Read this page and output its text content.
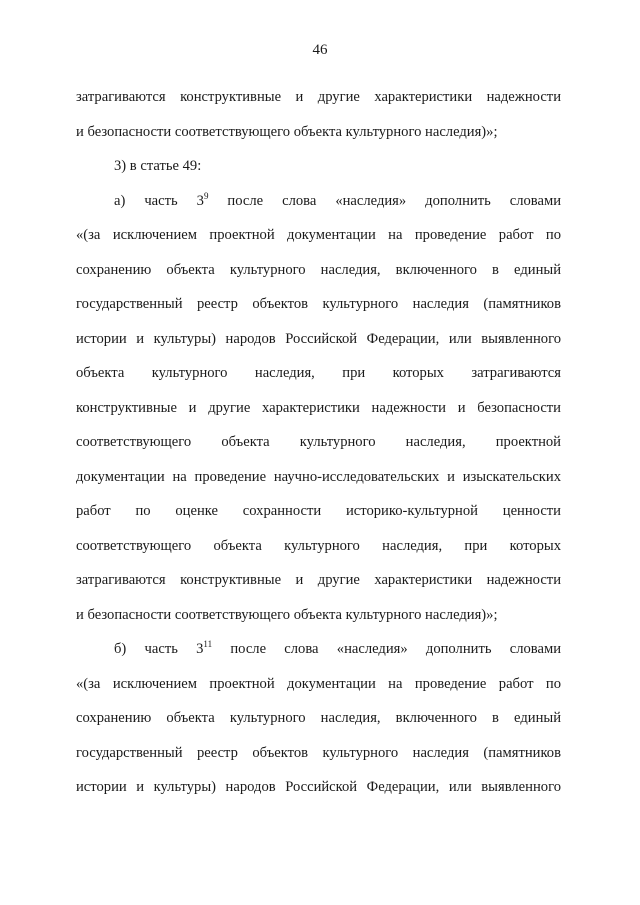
46

затрагиваются конструктивные и другие характеристики надежности

и безопасности соответствующего объекта культурного наследия)»;

3) в статье 49:

а) часть $3^9$ после слова «наследия» дополнить словами

«(за исключением проектной документации на проведение работ по

сохранению объекта культурного наследия, включенного в единый

государственный реестр объектов культурного наследия (памятников

истории и культуры) народов Российской Федерации, или выявленного

объекта культурного наследия, при которых затрагиваются

конструктивные и другие характеристики надежности и безопасности

соответствующего объекта культурного наследия, проектной

документации на проведение научно-исследовательских и изыскательских

работ по оценке сохранности историко-культурной ценности

соответствующего объекта культурного наследия, при которых

затрагиваются конструктивные и другие характеристики надежности

и безопасности соответствующего объекта культурного наследия)»;

б) часть $3^{11}$ после слова «наследия» дополнить словами

«(за исключением проектной документации на проведение работ по

сохранению объекта культурного наследия, включенного в единый

государственный реестр объектов культурного наследия (памятников

истории и культуры) народов Российской Федерации, или выявленного
